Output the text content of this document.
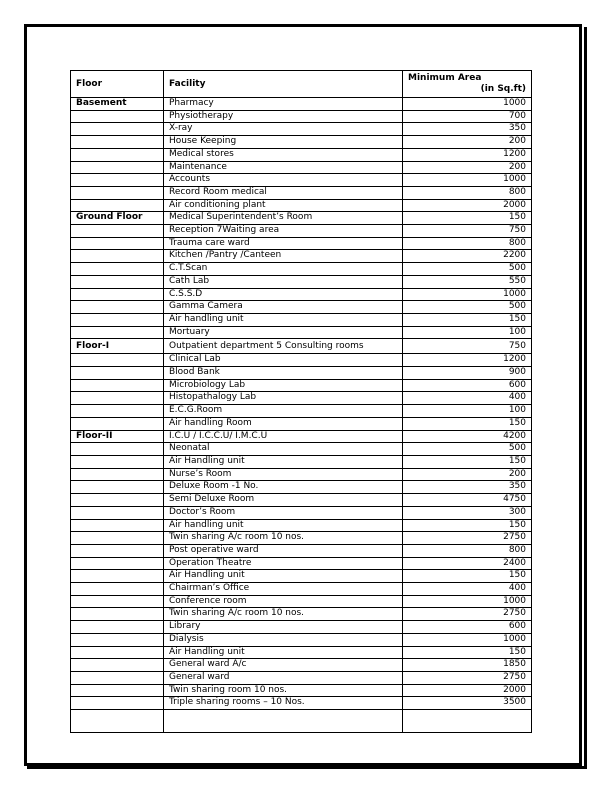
Floor	Facility	Minimum Area
(in Sq.ft)

Basement	Pharmacy	1000
	Physiotherapy	700
	X-ray	350
	House Keeping	200
	Medical stores	1200
	Maintenance	200
	Accounts	1000
	Record Room medical	800
	Air conditioning plant	2000
Ground Floor	Medical Superintendent’s Room	150
	Reception 7Waiting area	750
	Trauma care ward	800
	Kitchen /Pantry /Canteen	2200
	C.T.Scan	500
	Cath Lab	550
	C.S.S.D	1000
	Gamma Camera	500
	Air handling unit	150
	Mortuary	100
Floor-I	Outpatient department 5 Consulting rooms	750
	Clinical Lab	1200
	Blood Bank	900
	Microbiology Lab	600
	Histopathalogy Lab	400
	E.C.G.Room	100
	Air handling Room	150
Floor-II	I.C.U / I.C.C.U/ I.M.C.U	4200
	Neonatal	500
	Air Handling unit	150
	Nurse’s Room	200
	Deluxe Room -1 No.	350
	Semi Deluxe Room	4750
	Doctor’s Room	300
	Air handling unit	150
	Twin sharing A/c room 10 nos.	2750
	Post operative ward	800
	Operation Theatre	2400
	Air Handling unit	150
	Chairman’s Office	400
	Conference room	1000
	Twin sharing A/c room 10 nos.	2750
	Library	600
	Dialysis	1000
	Air Handling unit	150
	General ward A/c	1850
	General ward	2750
	Twin sharing room 10 nos.	2000
	Triple sharing rooms – 10 Nos.	3500
